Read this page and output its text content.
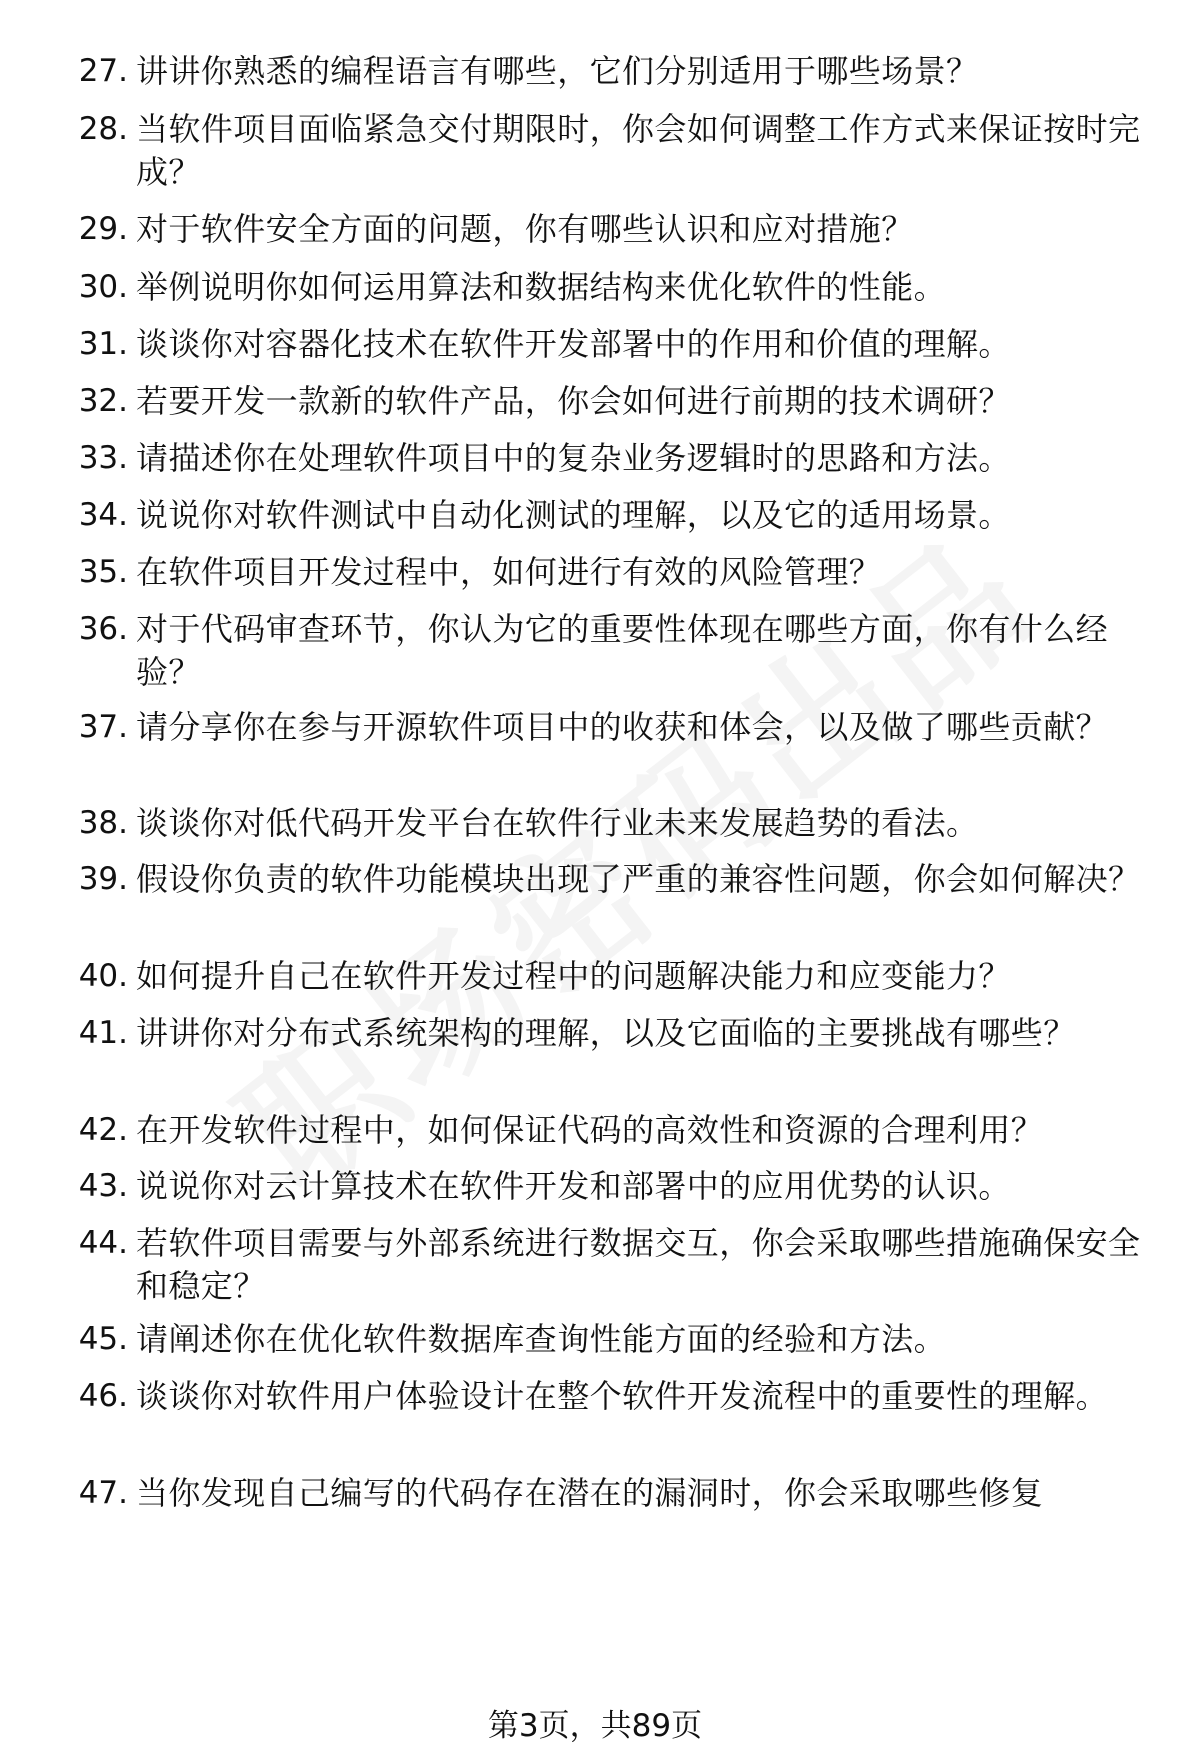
27. 讲讲你熟悉的编程语言有哪些，它们分别适用于哪些场景？
28. 当软件项目面临紧急交付期限时，你会如何调整工作方式来保证按时完成？
29. 对于软件安全方面的问题，你有哪些认识和应对措施？
30. 举例说明你如何运用算法和数据结构来优化软件的性能。
31. 谈谈你对容器化技术在软件开发部署中的作用和价值的理解。
32. 若要开发一款新的软件产品，你会如何进行前期的技术调研？
33. 请描述你在处理软件项目中的复杂业务逻辑时的思路和方法。
34. 说说你对软件测试中自动化测试的理解，以及它的适用场景。
35. 在软件项目开发过程中，如何进行有效的风险管理？
36. 对于代码审查环节，你认为它的重要性体现在哪些方面，你有什么经验？
37. 请分享你在参与开源软件项目中的收获和体会，以及做了哪些贡献？
38. 谈谈你对低代码开发平台在软件行业未来发展趋势的看法。
39. 假设你负责的软件功能模块出现了严重的兼容性问题，你会如何解决？
40. 如何提升自己在软件开发过程中的问题解决能力和应变能力？
41. 讲讲你对分布式系统架构的理解，以及它面临的主要挑战有哪些？
42. 在开发软件过程中，如何保证代码的高效性和资源的合理利用？
43. 说说你对云计算技术在软件开发和部署中的应用优势的认识。
44. 若软件项目需要与外部系统进行数据交互，你会采取哪些措施确保安全和稳定？
45. 请阐述你在优化软件数据库查询性能方面的经验和方法。
46. 谈谈你对软件用户体验设计在整个软件开发流程中的重要性的理解。
47. 当你发现自己编写的代码存在潜在的漏洞时，你会采取哪些修复
第3页，共89页
